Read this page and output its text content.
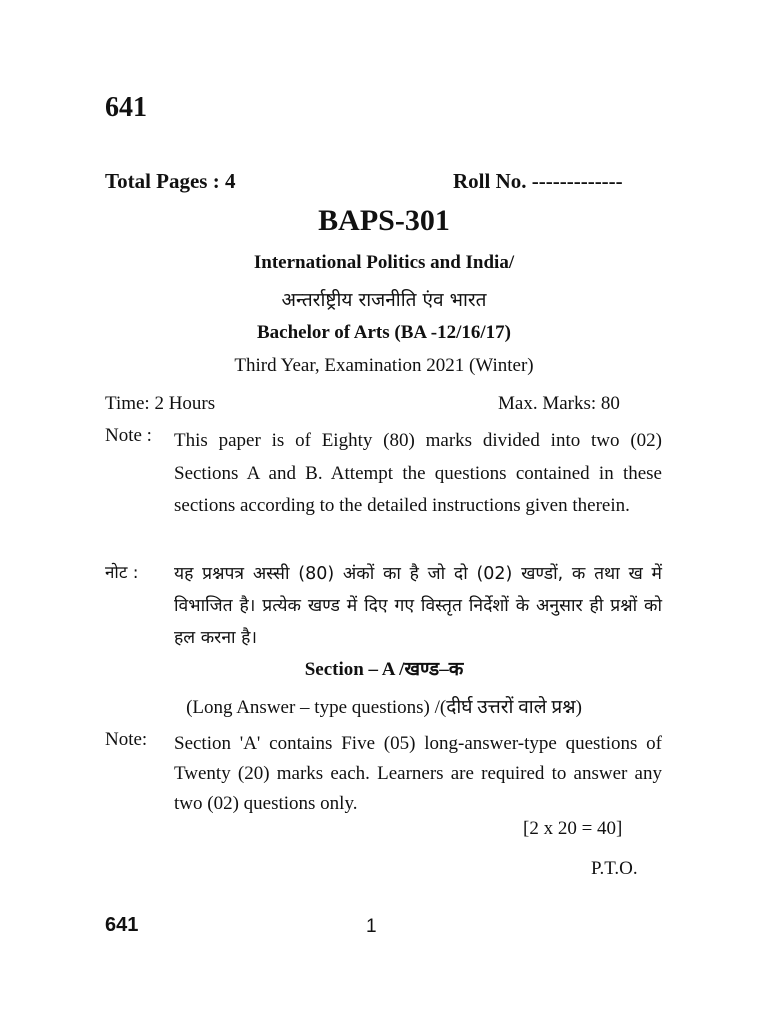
641
Total Pages : 4	Roll No. -------------
BAPS-301
International Politics and India/
अन्तर्राष्ट्रीय राजनीति एंव भारत
Bachelor of Arts (BA -12/16/17)
Third Year, Examination 2021 (Winter)
Time: 2 Hours	Max. Marks: 80
Note : This paper is of Eighty (80) marks divided into two (02) Sections A and B. Attempt the questions contained in these sections according to the detailed instructions given therein.
नोट : यह प्रश्नपत्र अस्सी (80) अंकों का है जो दो (02) खण्डों, क तथा ख में विभाजित है। प्रत्येक खण्ड में दिए गए विस्तृत निर्देशों के अनुसार ही प्रश्नों को हल करना है।
Section – A /खण्ड–क
(Long Answer – type questions) /(दीर्घ उत्तरों वाले प्रश्न)
Note: Section 'A' contains Five (05) long-answer-type questions of Twenty (20) marks each. Learners are required to answer any two (02) questions only.
[2 x 20 = 40]
P.T.O.
641	1
